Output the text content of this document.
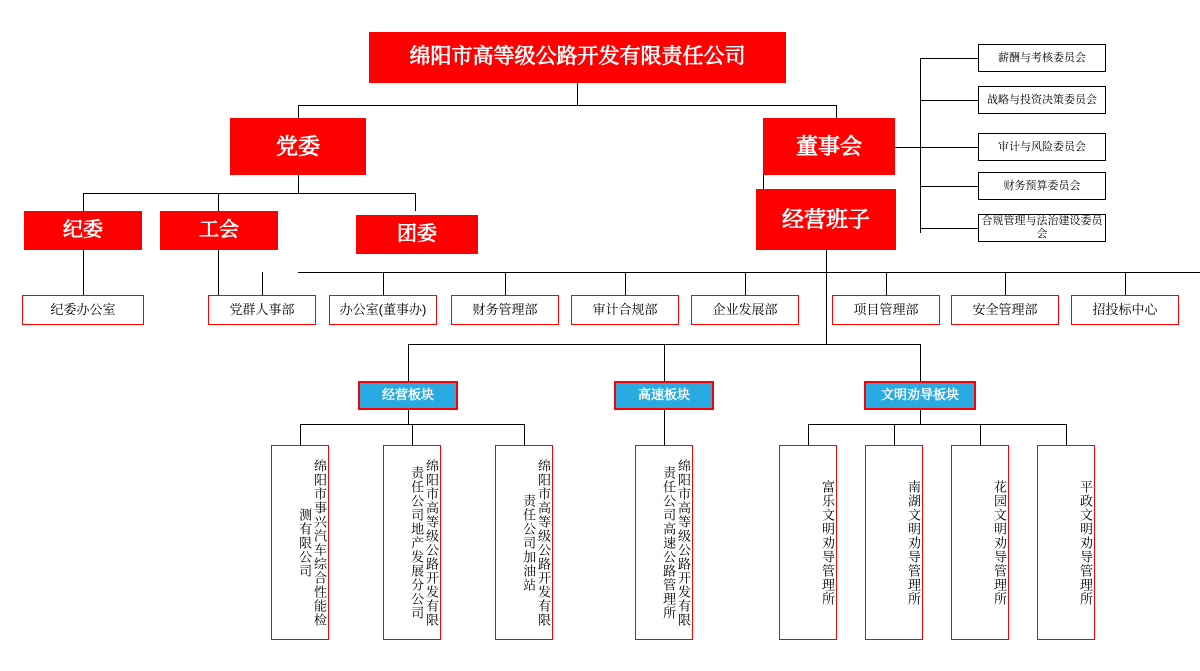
绵阳市高等级公路开发有限责任公司
党委	董事会
经营班子
纪委	工会	团委
薪酬与考核委员会
战略与投资决策委员会
审计与风险委员会
财务预算委员会
合规管理与法治建设委员会
纪委办公室	党群人事部	办公室(董事办)	财务管理部	审计合规部	企业发展部	项目管理部	安全管理部	招投标中心
经营板块	高速板块	文明劝导板块
绵阳市事兴汽车综合性能检测有限公司	绵阳市高等级公路开发有限责任公司地产发展分公司	绵阳市高等级公路开发有限责任公司加油站	绵阳市高等级公路开发有限责任公司高速公路管理所	富乐文明劝导管理所	南湖文明劝导管理所	花园文明劝导管理所	平政文明劝导管理所
